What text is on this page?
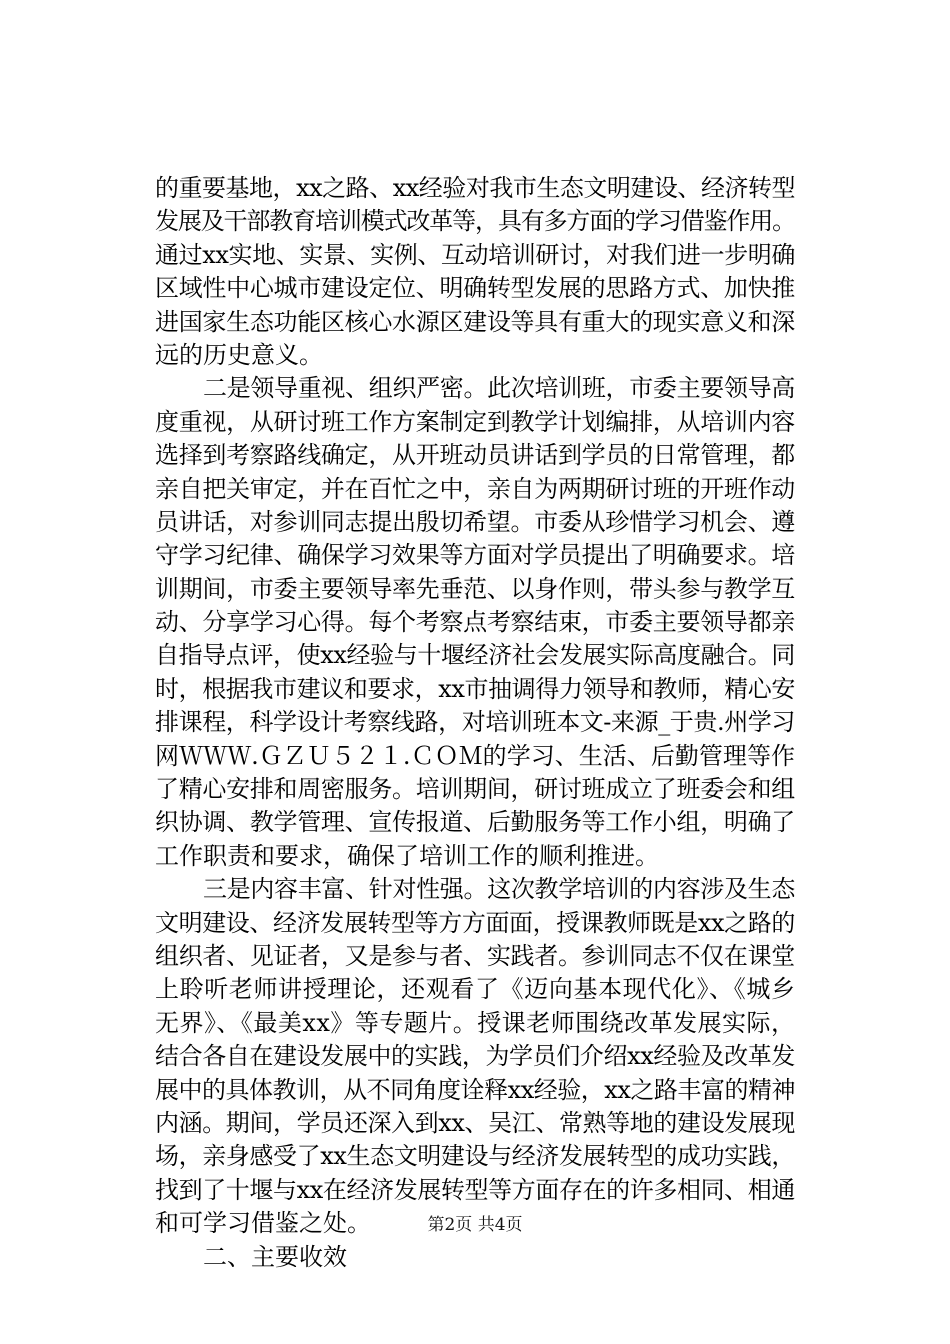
的重要基地，xx之路、xx经验对我市生态文明建设、经济转型
发展及干部教育培训模式改革等，具有多方面的学习借鉴作用。
通过xx实地、实景、实例、互动培训研讨，对我们进一步明确
区域性中心城市建设定位、明确转型发展的思路方式、加快推
进国家生态功能区核心水源区建设等具有重大的现实意义和深
远的历史意义。
二是领导重视、组织严密。此次培训班，市委主要领导高
度重视，从研讨班工作方案制定到教学计划编排，从培训内容
选择到考察路线确定，从开班动员讲话到学员的日常管理，都
亲自把关审定，并在百忙之中，亲自为两期研讨班的开班作动
员讲话，对参训同志提出殷切希望。市委从珍惜学习机会、遵
守学习纪律、确保学习效果等方面对学员提出了明确要求。培
训期间，市委主要领导率先垂范、以身作则，带头参与教学互
动、分享学习心得。每个考察点考察结束，市委主要领导都亲
自指导点评，使xx经验与十堰经济社会发展实际高度融合。同
时，根据我市建议和要求，xx市抽调得力领导和教师，精心安
排课程，科学设计考察线路，对培训班本文-来源_于贵.州学习
网ＷＷＷ.ＧＺＵ５２１.ＣＯＭ的学习、生活、后勤管理等作
了精心安排和周密服务。培训期间，研讨班成立了班委会和组
织协调、教学管理、宣传报道、后勤服务等工作小组，明确了
工作职责和要求，确保了培训工作的顺利推进。
三是内容丰富、针对性强。这次教学培训的内容涉及生态
文明建设、经济发展转型等方方面面，授课教师既是xx之路的
组织者、见证者，又是参与者、实践者。参训同志不仅在课堂
上聆听老师讲授理论，还观看了《迈向基本现代化》、《城乡
无界》、《最美xx》等专题片。授课老师围绕改革发展实际，
结合各自在建设发展中的实践，为学员们介绍xx经验及改革发
展中的具体教训，从不同角度诠释xx经验，xx之路丰富的精神
内涵。期间，学员还深入到xx、吴江、常熟等地的建设发展现
场，亲身感受了xx生态文明建设与经济发展转型的成功实践，
找到了十堰与xx在经济发展转型等方面存在的许多相同、相通
和可学习借鉴之处。
二、主要收效
第2页 共4页
